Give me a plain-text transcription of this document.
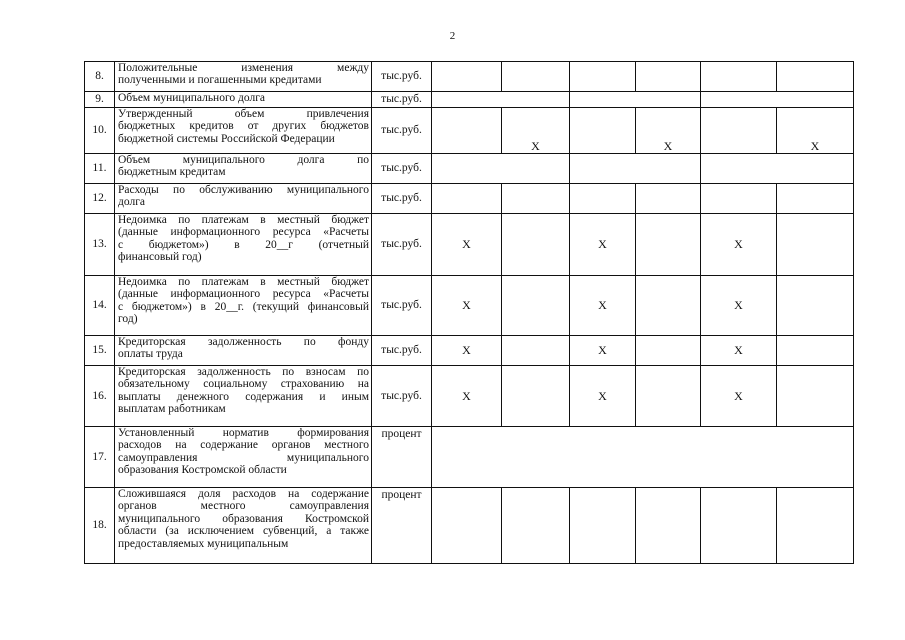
2
8.	Положительные изменения между
полученными и погашенными кредитами	тыс.руб.						
9.	Объем муниципального долга	тыс.руб.						
10.	Утвержденный объем привлечения
бюджетных кредитов от других бюджетов
бюджетной системы Российской Федерации	тыс.руб.		X		X		X
11.	Объем муниципального долга по
бюджетным кредитам	тыс.руб.						
12.	Расходы по обслуживанию муниципального
долга	тыс.руб.						
13.	Недоимка по платежам в местный бюджет
(данные информационного ресурса «Расчеты
с бюджетом») в 20__г (отчетный
финансовый год)	тыс.руб.	X		X		X	
14.	Недоимка по платежам в местный бюджет
(данные информационного ресурса «Расчеты
с бюджетом») в 20__г. (текущий финансовый
год)	тыс.руб.	X		X		X	
15.	Кредиторская задолженность по фонду
оплаты труда	тыс.руб.	X		X		X	
16.	Кредиторская задолженность по взносам по
обязательному социальному страхованию на
выплаты денежного содержания и иным
выплатам работникам	тыс.руб.	X		X		X	
17.	Установленный норматив формирования
расходов на содержание органов местного
самоуправления муниципального
образования Костромской области	процент						
18.	Сложившаяся доля расходов на содержание
органов местного самоуправления
муниципального образования Костромской
области (за исключением субвенций, а также
предоставляемых муниципальным	процент						
